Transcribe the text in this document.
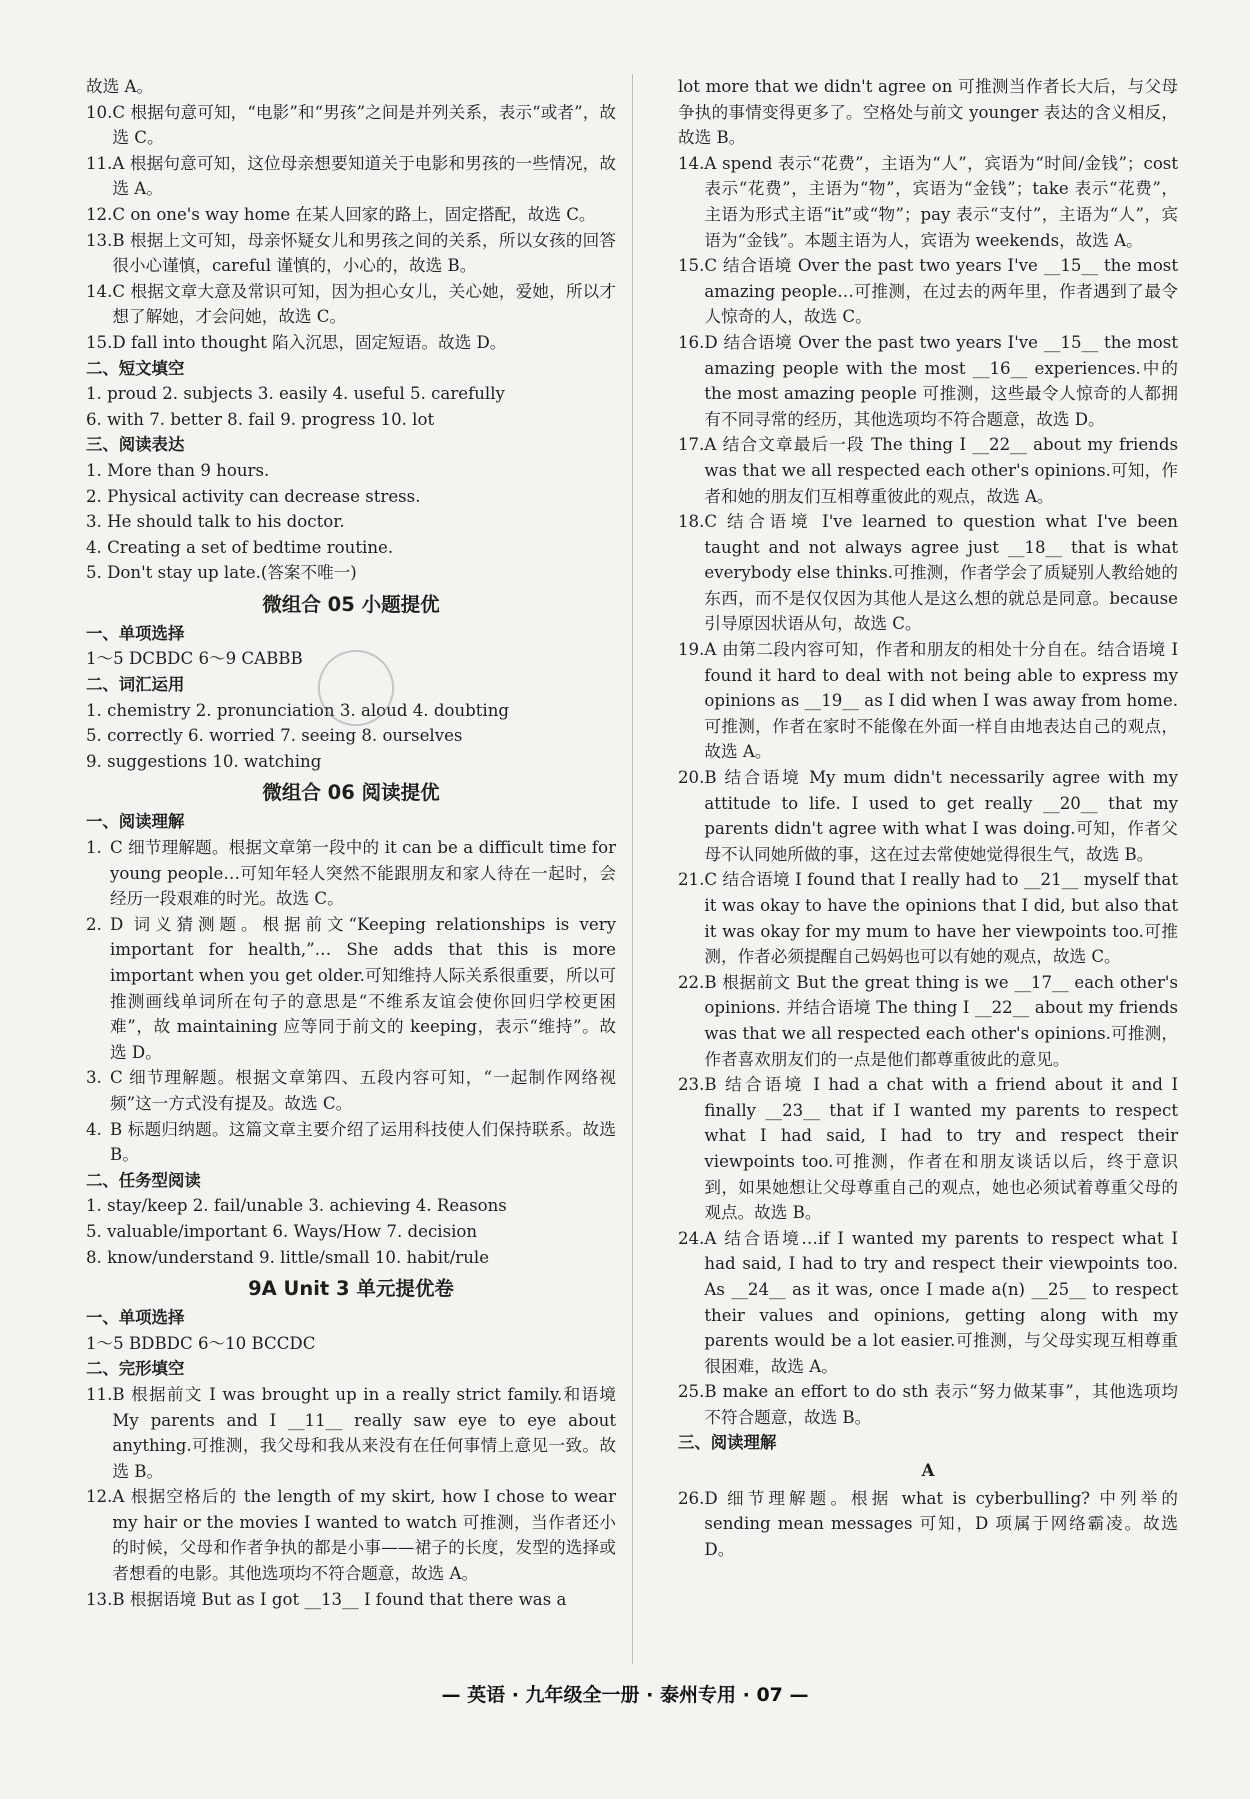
故选 A。
10. C 根据句意可知，“电影”和“男孩”之间是并列关系，表示“或者”，故选 C。
11. A 根据句意可知，这位母亲想要知道关于电影和男孩的一些情况，故选 A。
12. C on one's way home 在某人回家的路上，固定搭配，故选 C。
13. B 根据上文可知，母亲怀疑女儿和男孩之间的关系，所以女孩的回答很小心谨慎，careful 谨慎的，小心的，故选 B。
14. C 根据文章大意及常识可知，因为担心女儿，关心她，爱她，所以才想了解她，才会问她，故选 C。
15. D fall into thought 陷入沉思，固定短语。故选 D。
二、短文填空
1. proud 2. subjects 3. easily 4. useful 5. carefully
6. with 7. better 8. fail 9. progress 10. lot
三、阅读表达
1. More than 9 hours.
2. Physical activity can decrease stress.
3. He should talk to his doctor.
4. Creating a set of bedtime routine.
5. Don't stay up late.(答案不唯一)
微组合 05 小题提优
一、单项选择
1～5 DCBDC 6～9 CABBB
二、词汇运用
1. chemistry 2. pronunciation 3. aloud 4. doubting
5. correctly 6. worried 7. seeing 8. ourselves
9. suggestions 10. watching
微组合 06 阅读提优
一、阅读理解
1. C 细节理解题。根据文章第一段中的 it can be a difficult time for young people…可知年轻人突然不能跟朋友和家人待在一起时，会经历一段艰难的时光。故选 C。
2. D 词义猜测题。根据前文“Keeping relationships is very important for health,”… She adds that this is more important when you get older.可知维持人际关系很重要，所以可推测画线单词所在句子的意思是“不维系友谊会使你回归学校更困难”，故 maintaining 应等同于前文的 keeping，表示“维持”。故选 D。
3. C 细节理解题。根据文章第四、五段内容可知，“一起制作网络视频”这一方式没有提及。故选 C。
4. B 标题归纳题。这篇文章主要介绍了运用科技使人们保持联系。故选 B。
二、任务型阅读
1. stay/keep 2. fail/unable 3. achieving 4. Reasons
5. valuable/important 6. Ways/How 7. decision
8. know/understand 9. little/small 10. habit/rule
9A Unit 3 单元提优卷
一、单项选择
1～5 BDBDC 6～10 BCCDC
二、完形填空
11. B 根据前文 I was brought up in a really strict family.和语境 My parents and I __11__ really saw eye to eye about anything.可推测，我父母和我从来没有在任何事情上意见一致。故选 B。
12. A 根据空格后的 the length of my skirt, how I chose to wear my hair or the movies I wanted to watch 可推测，当作者还小的时候，父母和作者争执的都是小事——裙子的长度，发型的选择或者想看的电影。其他选项均不符合题意，故选 A。
13. B 根据语境 But as I got __13__ I found that there was a
lot more that we didn't agree on 可推测当作者长大后，与父母争执的事情变得更多了。空格处与前文 younger 表达的含义相反，故选 B。
14. A spend 表示“花费”，主语为“人”，宾语为“时间/金钱”；cost 表示“花费”，主语为“物”，宾语为“金钱”；take 表示“花费”，主语为形式主语“it”或“物”；pay 表示“支付”，主语为“人”，宾语为“金钱”。本题主语为人，宾语为 weekends，故选 A。
15. C 结合语境 Over the past two years I've __15__ the most amazing people…可推测，在过去的两年里，作者遇到了最令人惊奇的人，故选 C。
16. D 结合语境 Over the past two years I've __15__ the most amazing people with the most __16__ experiences.中的 the most amazing people 可推测，这些最令人惊奇的人都拥有不同寻常的经历，其他选项均不符合题意，故选 D。
17. A 结合文章最后一段 The thing I __22__ about my friends was that we all respected each other's opinions.可知，作者和她的朋友们互相尊重彼此的观点，故选 A。
18. C 结合语境 I've learned to question what I've been taught and not always agree just __18__ that is what everybody else thinks.可推测，作者学会了质疑别人教给她的东西，而不是仅仅因为其他人是这么想的就总是同意。because 引导原因状语从句，故选 C。
19. A 由第二段内容可知，作者和朋友的相处十分自在。结合语境 I found it hard to deal with not being able to express my opinions as __19__ as I did when I was away from home.可推测，作者在家时不能像在外面一样自由地表达自己的观点，故选 A。
20. B 结合语境 My mum didn't necessarily agree with my attitude to life. I used to get really __20__ that my parents didn't agree with what I was doing.可知，作者父母不认同她所做的事，这在过去常使她觉得很生气，故选 B。
21. C 结合语境 I found that I really had to __21__ myself that it was okay to have the opinions that I did, but also that it was okay for my mum to have her viewpoints too.可推测，作者必须提醒自己妈妈也可以有她的观点，故选 C。
22. B 根据前文 But the great thing is we __17__ each other's opinions. 并结合语境 The thing I __22__ about my friends was that we all respected each other's opinions.可推测，作者喜欢朋友们的一点是他们都尊重彼此的意见。
23. B 结合语境 I had a chat with a friend about it and I finally __23__ that if I wanted my parents to respect what I had said, I had to try and respect their viewpoints too.可推测，作者在和朋友谈话以后，终于意识到，如果她想让父母尊重自己的观点，她也必须试着尊重父母的观点。故选 B。
24. A 结合语境…if I wanted my parents to respect what I had said, I had to try and respect their viewpoints too. As __24__ as it was, once I made a(n) __25__ to respect their values and opinions, getting along with my parents would be a lot easier.可推测，与父母实现互相尊重很困难，故选 A。
25. B make an effort to do sth 表示“努力做某事”，其他选项均不符合题意，故选 B。
三、阅读理解
A
26. D 细节理解题。根据 what is cyberbulling? 中列举的 sending mean messages 可知，D 项属于网络霸凌。故选 D。
— 英语 · 九年级全一册 · 泰州专用 · 07 —
